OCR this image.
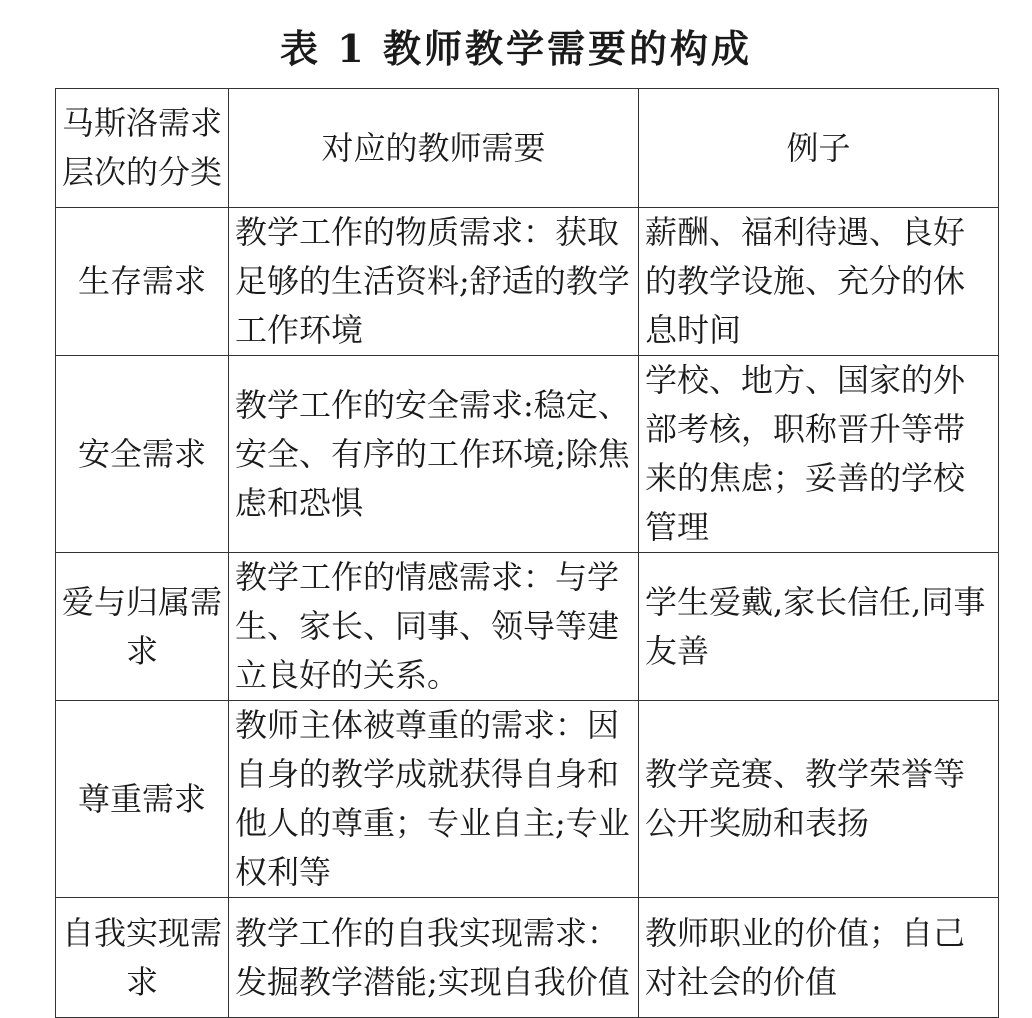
表 1 教师教学需要的构成
马斯洛需求层次的分类	对应的教师需要	例子
生存需求	教学工作的物质需求：获取足够的生活资料;舒适的教学工作环境	薪酬、福利待遇、良好的教学设施、充分的休息时间
安全需求	教学工作的安全需求:稳定、安全、有序的工作环境;除焦虑和恐惧	学校、地方、国家的外部考核，职称晋升等带来的焦虑；妥善的学校管理
爱与归属需求	教学工作的情感需求：与学生、家长、同事、领导等建立良好的关系。	学生爱戴,家长信任,同事友善
尊重需求	教师主体被尊重的需求：因自身的教学成就获得自身和他人的尊重；专业自主;专业权利等	教学竞赛、教学荣誉等公开奖励和表扬
自我实现需求	教学工作的自我实现需求：发掘教学潜能;实现自我价值	教师职业的价值；自己对社会的价值
